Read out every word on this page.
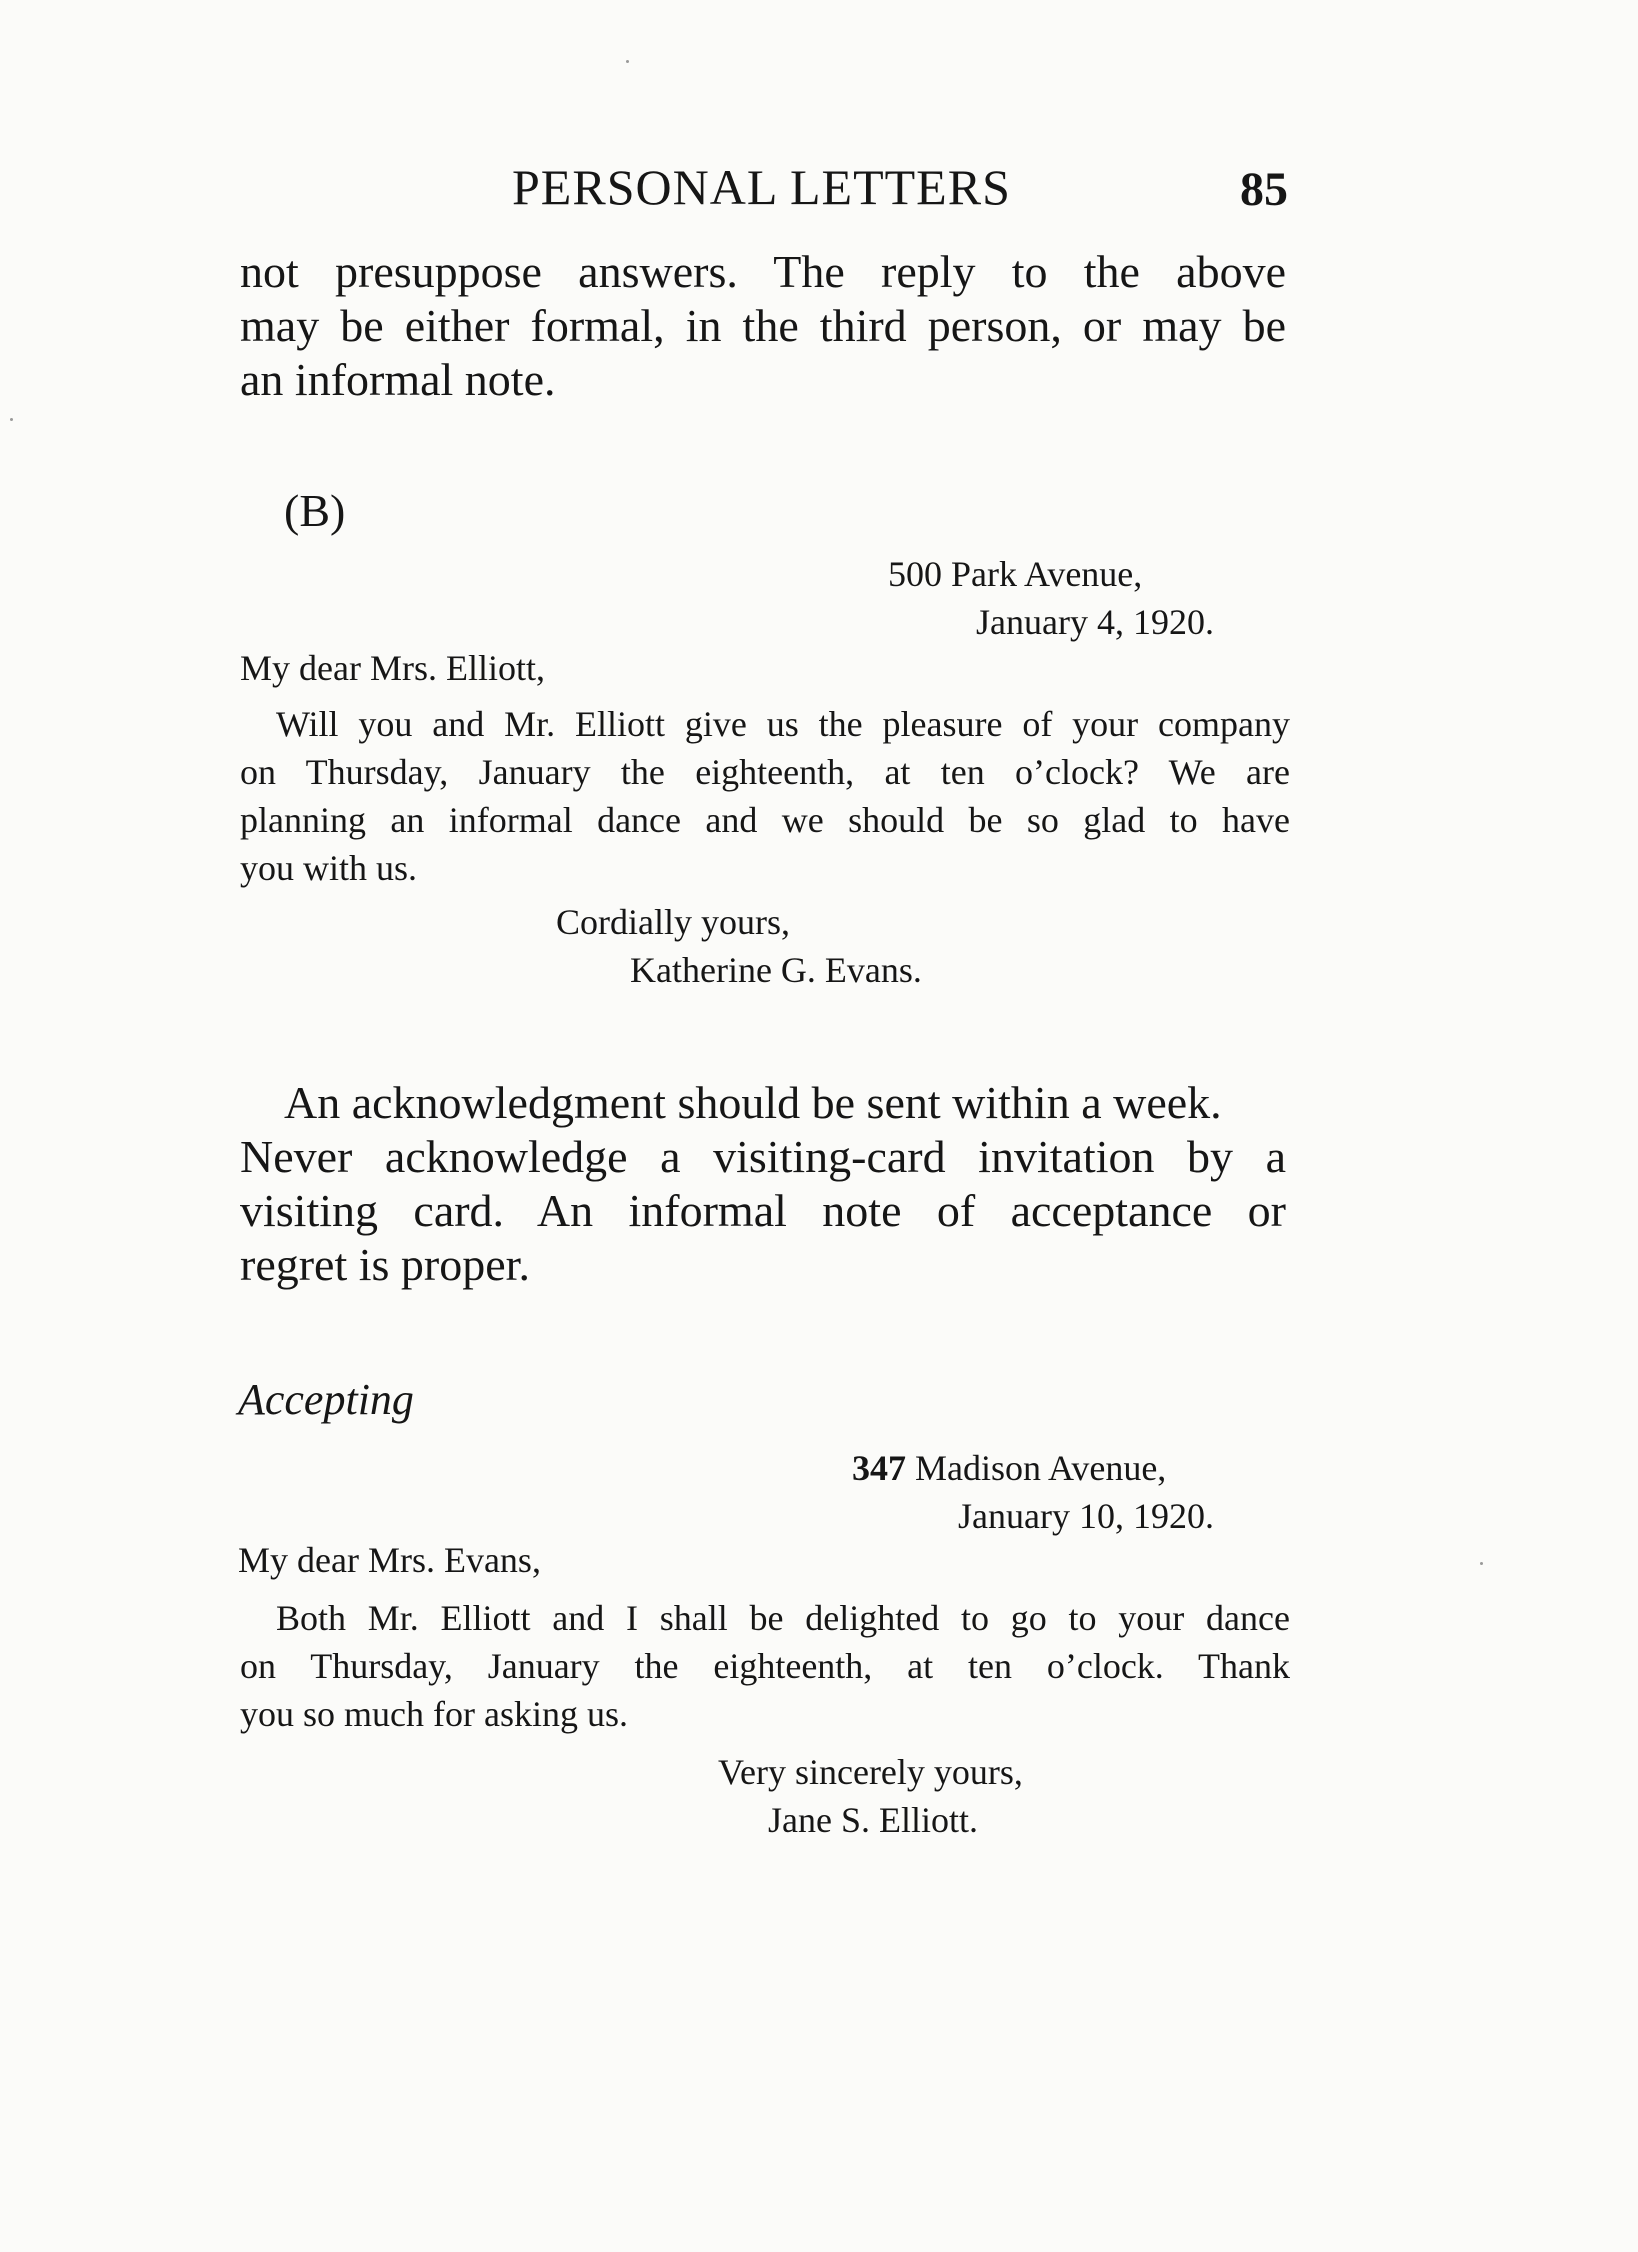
PERSONAL LETTERS	85
not presuppose answers. The reply to the above
may be either formal, in the third person, or may be
an informal note.
(B)
500 Park Avenue,
January 4, 1920.
My dear Mrs. Elliott,
Will you and Mr. Elliott give us the pleasure of your company
on Thursday, January the eighteenth, at ten o’clock? We are
planning an informal dance and we should be so glad to have
you with us.
Cordially yours,
Katherine G. Evans.
An acknowledgment should be sent within a week.
Never acknowledge a visiting-card invitation by a
visiting card. An informal note of acceptance or
regret is proper.
Accepting
347 Madison Avenue,
January 10, 1920.
My dear Mrs. Evans,
Both Mr. Elliott and I shall be delighted to go to your dance
on Thursday, January the eighteenth, at ten o’clock. Thank
you so much for asking us.
Very sincerely yours,
Jane S. Elliott.
